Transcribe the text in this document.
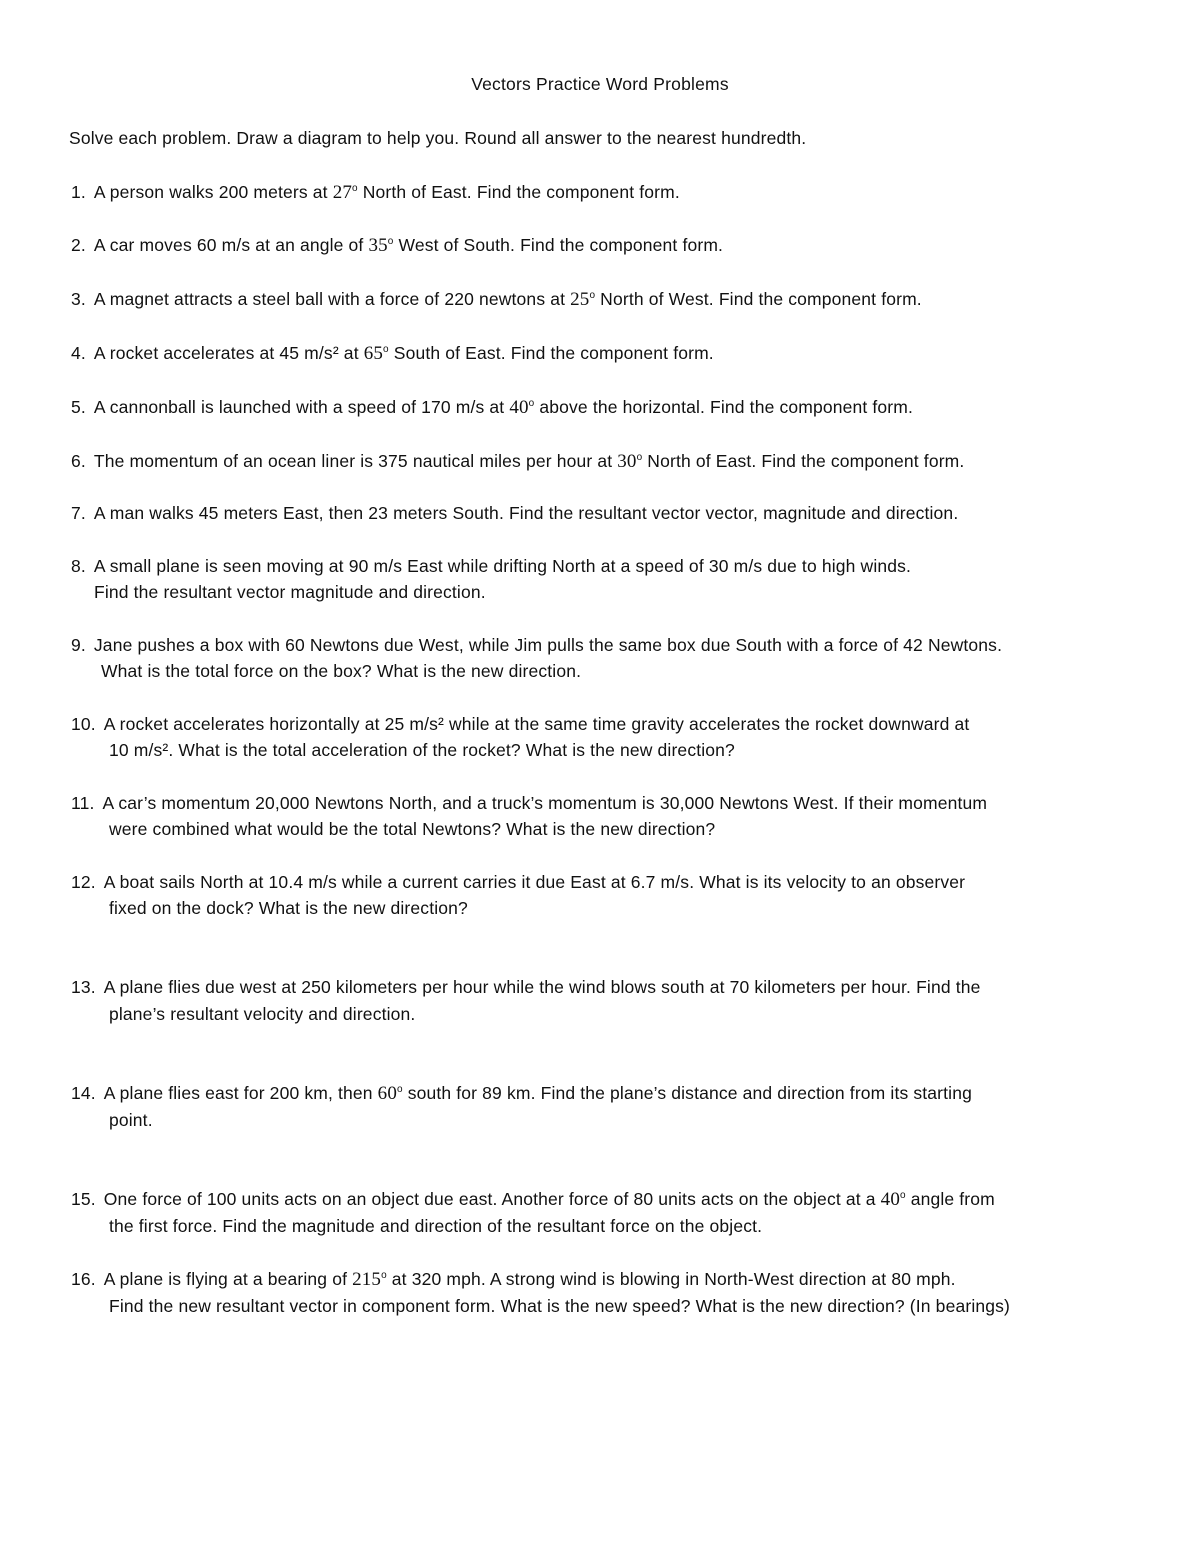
Vectors Practice Word Problems
Solve each problem. Draw a diagram to help you. Round all answer to the nearest hundredth.
1. A person walks 200 meters at 27$^o$ North of East. Find the component form.
2. A car moves 60 m/s at an angle of 35$^o$ West of South. Find the component form.
3. A magnet attracts a steel ball with a force of 220 newtons at 25$^o$ North of West. Find the component form.
4. A rocket accelerates at 45 m/s² at 65$^o$ South of East. Find the component form.
5. A cannonball is launched with a speed of 170 m/s at 40$^o$ above the horizontal. Find the component form.
6. The momentum of an ocean liner is 375 nautical miles per hour at 30$^o$ North of East. Find the component form.
7. A man walks 45 meters East, then 23 meters South. Find the resultant vector vector, magnitude and direction.
8. A small plane is seen moving at 90 m/s East while drifting North at a speed of 30 m/s due to high winds.
Find the resultant vector magnitude and direction.
9. Jane pushes a box with 60 Newtons due West, while Jim pulls the same box due South with a force of 42 Newtons.
What is the total force on the box? What is the new direction.
10. A rocket accelerates horizontally at 25 m/s² while at the same time gravity accelerates the rocket downward at
10 m/s². What is the total acceleration of the rocket? What is the new direction?
11. A car’s momentum 20,000 Newtons North, and a truck’s momentum is 30,000 Newtons West. If their momentum
were combined what would be the total Newtons? What is the new direction?
12. A boat sails North at 10.4 m/s while a current carries it due East at 6.7 m/s. What is its velocity to an observer
fixed on the dock? What is the new direction?
13. A plane flies due west at 250 kilometers per hour while the wind blows south at 70 kilometers per hour. Find the
plane’s resultant velocity and direction.
14. A plane flies east for 200 km, then 60$^o$ south for 89 km. Find the plane’s distance and direction from its starting
point.
15. One force of 100 units acts on an object due east. Another force of 80 units acts on the object at a 40$^o$ angle from
the first force. Find the magnitude and direction of the resultant force on the object.
16. A plane is flying at a bearing of 215$^o$ at 320 mph. A strong wind is blowing in North-West direction at 80 mph.
Find the new resultant vector in component form. What is the new speed? What is the new direction? (In bearings)
